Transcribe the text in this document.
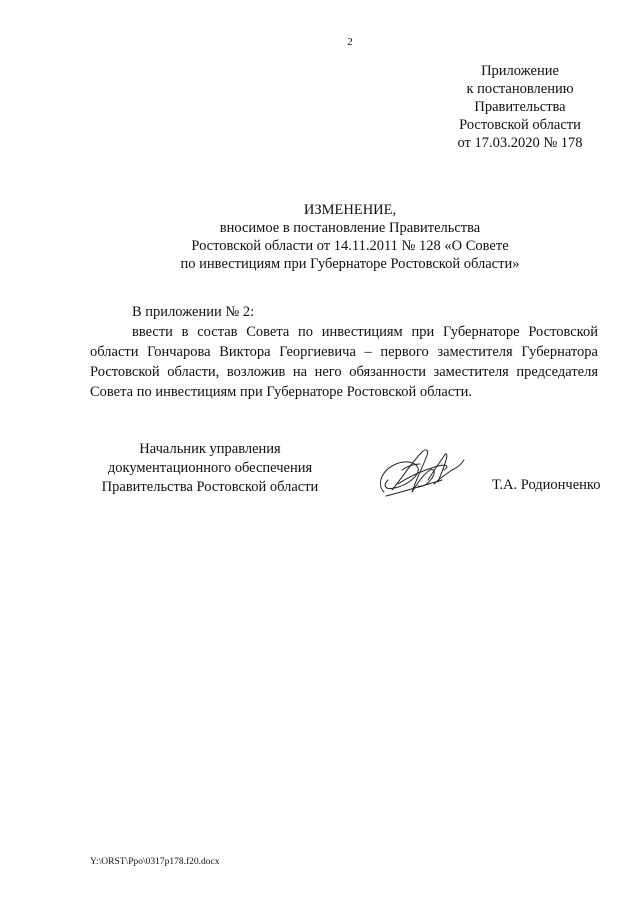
2
Приложение
к постановлению
Правительства
Ростовской области
от 17.03.2020 № 178
ИЗМЕНЕНИЕ,
вносимое в постановление Правительства
Ростовской области от 14.11.2011 № 128 «О Совете
по инвестициям при Губернаторе Ростовской области»

В приложении № 2:

ввести в состав Совета по инвестициям при Губернаторе Ростовской области Гончарова Виктора Георгиевича – первого заместителя Губернатора Ростовской области, возложив на него обязанности заместителя председателя Совета по инвестициям при Губернаторе Ростовской области.

Начальник управления
документационного обеспечения
Правительства Ростовской области	Т.А. Родионченко
Y:\ORST\Ppo\0317p178.f20.docx
